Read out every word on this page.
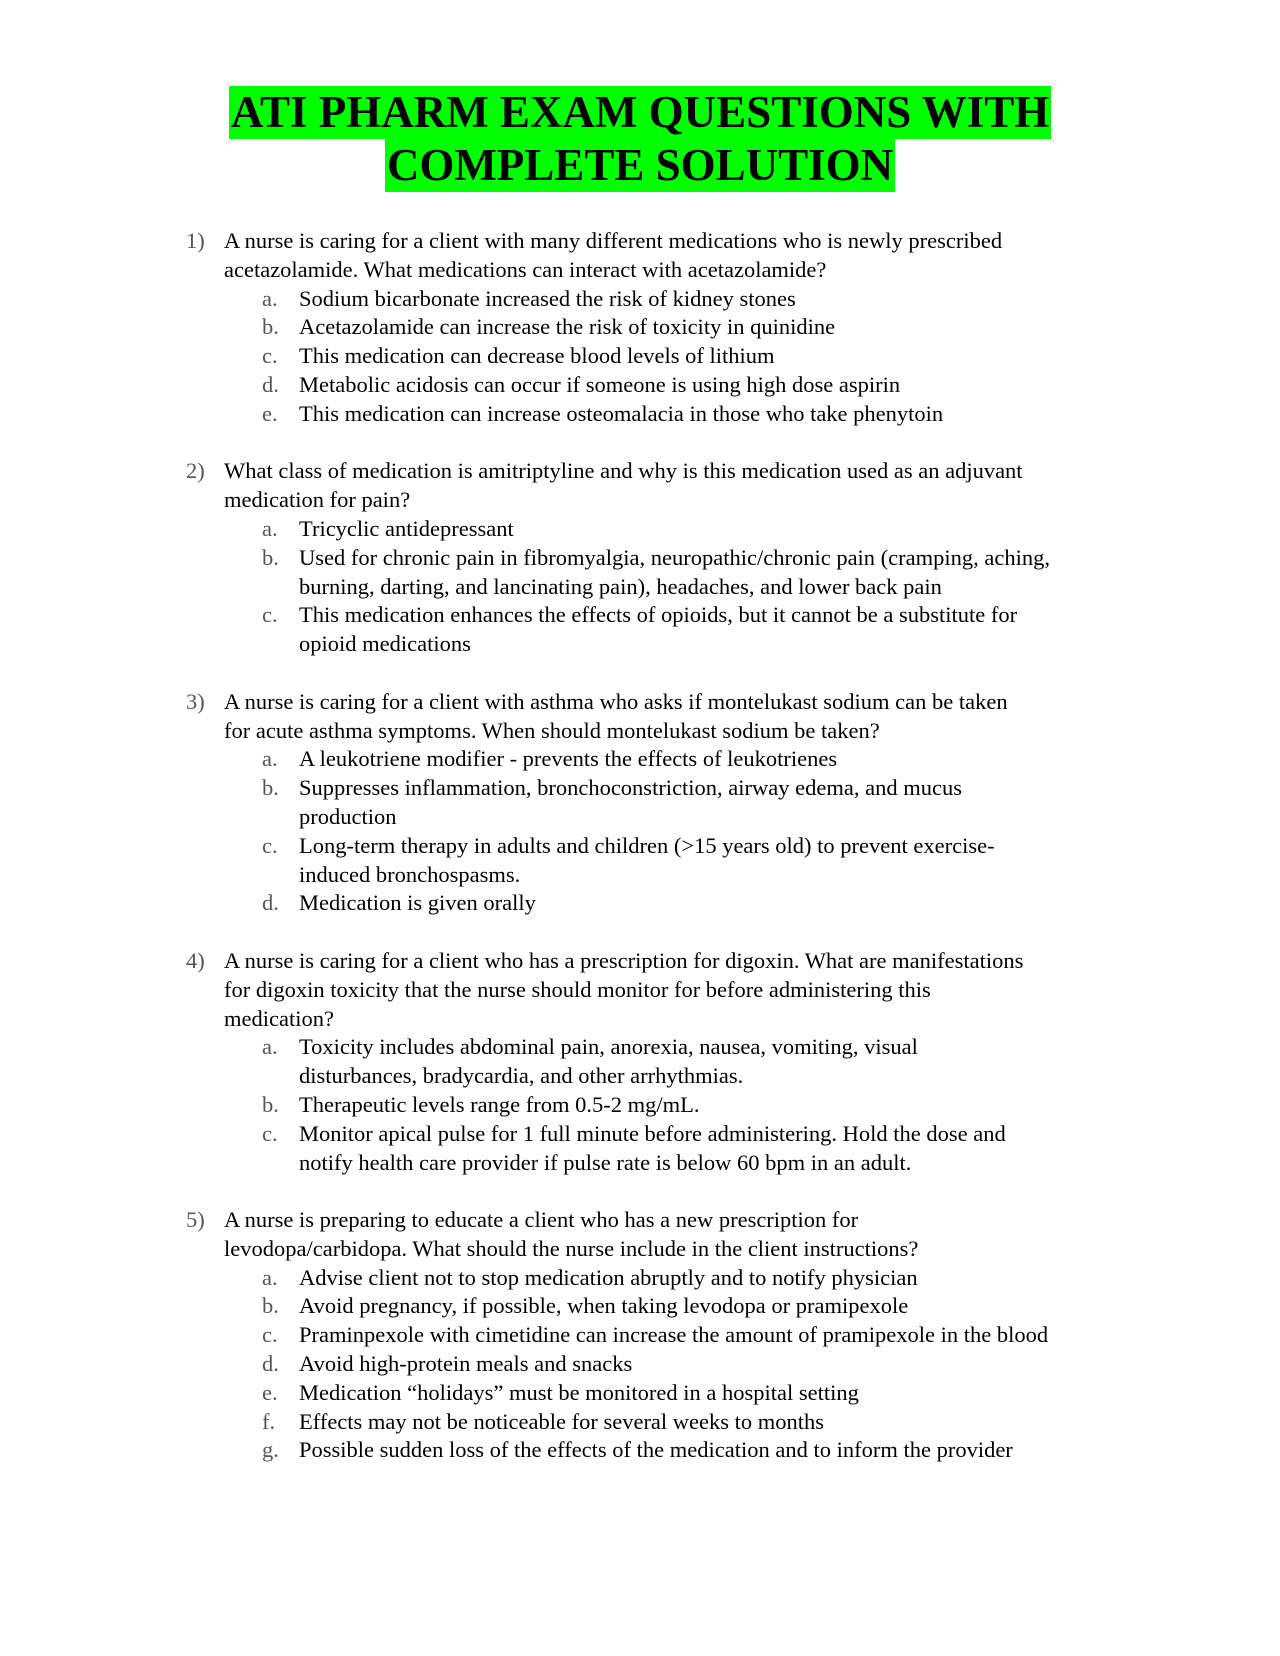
ATI PHARM EXAM QUESTIONS WITH
COMPLETE SOLUTION
1) A nurse is caring for a client with many different medications who is newly prescribed acetazolamide. What medications can interact with acetazolamide?
a. Sodium bicarbonate increased the risk of kidney stones
b. Acetazolamide can increase the risk of toxicity in quinidine
c. This medication can decrease blood levels of lithium
d. Metabolic acidosis can occur if someone is using high dose aspirin
e. This medication can increase osteomalacia in those who take phenytoin
2) What class of medication is amitriptyline and why is this medication used as an adjuvant medication for pain?
a. Tricyclic antidepressant
b. Used for chronic pain in fibromyalgia, neuropathic/chronic pain (cramping, aching, burning, darting, and lancinating pain), headaches, and lower back pain
c. This medication enhances the effects of opioids, but it cannot be a substitute for opioid medications
3) A nurse is caring for a client with asthma who asks if montelukast sodium can be taken for acute asthma symptoms. When should montelukast sodium be taken?
a. A leukotriene modifier - prevents the effects of leukotrienes
b. Suppresses inflammation, bronchoconstriction, airway edema, and mucus production
c. Long-term therapy in adults and children (>15 years old) to prevent exercise- induced bronchospasms.
d. Medication is given orally
4) A nurse is caring for a client who has a prescription for digoxin. What are manifestations for digoxin toxicity that the nurse should monitor for before administering this medication?
a. Toxicity includes abdominal pain, anorexia, nausea, vomiting, visual disturbances, bradycardia, and other arrhythmias.
b. Therapeutic levels range from 0.5-2 mg/mL.
c. Monitor apical pulse for 1 full minute before administering. Hold the dose and notify health care provider if pulse rate is below 60 bpm in an adult.
5) A nurse is preparing to educate a client who has a new prescription for levodopa/carbidopa. What should the nurse include in the client instructions?
a. Advise client not to stop medication abruptly and to notify physician
b. Avoid pregnancy, if possible, when taking levodopa or pramipexole
c. Praminpexole with cimetidine can increase the amount of pramipexole in the blood
d. Avoid high-protein meals and snacks
e. Medication “holidays” must be monitored in a hospital setting
f. Effects may not be noticeable for several weeks to months
g. Possible sudden loss of the effects of the medication and to inform the provider
